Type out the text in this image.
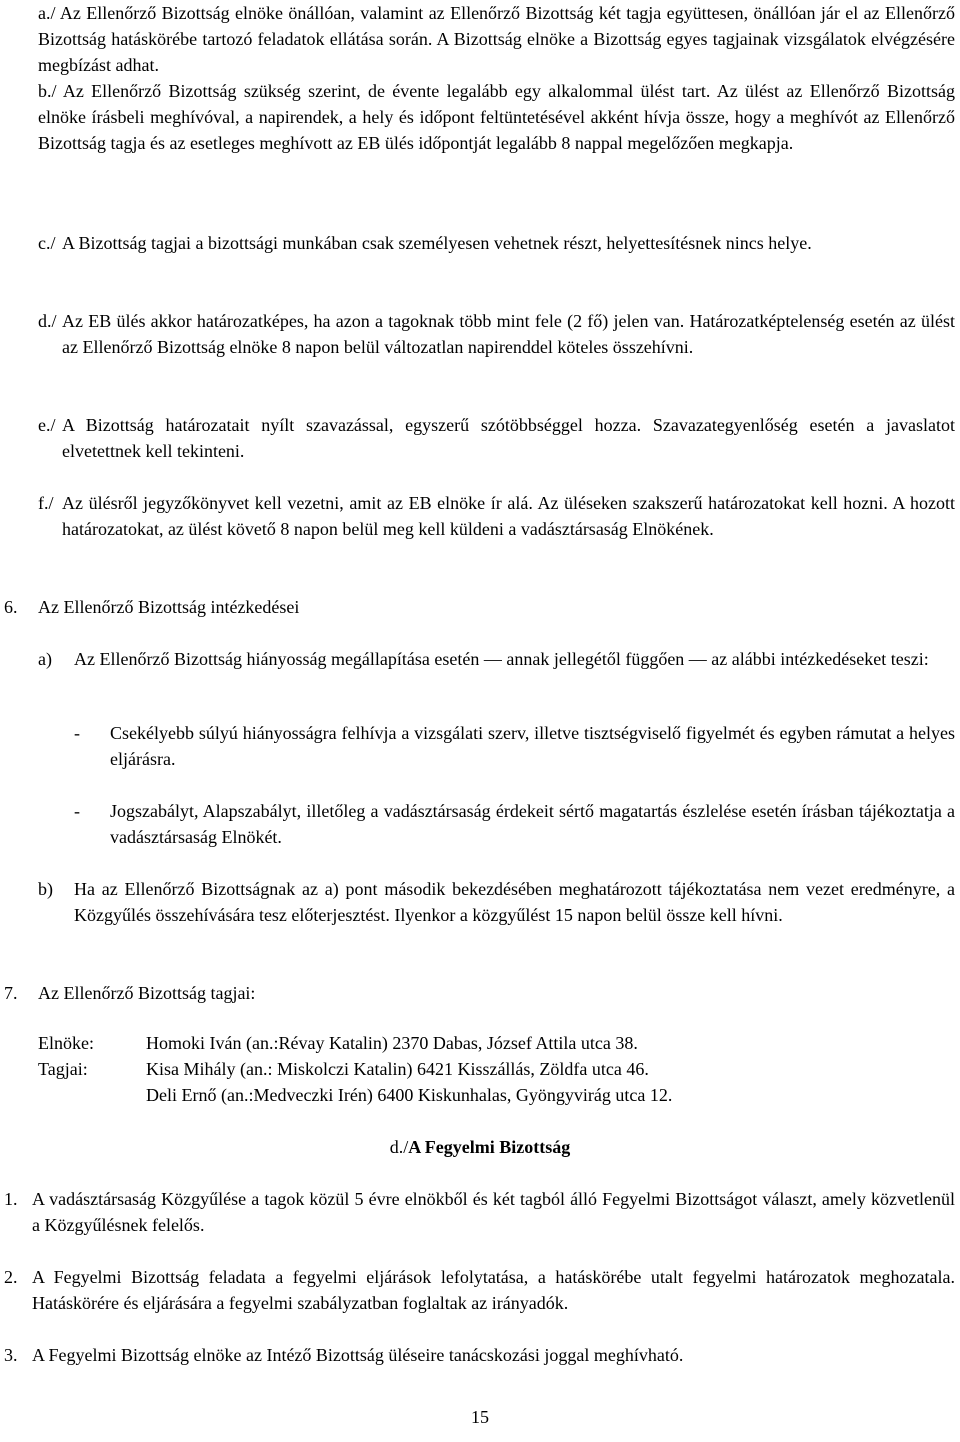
a./ Az Ellenőrző Bizottság elnöke önállóan, valamint az Ellenőrző Bizottság két tagja együttesen, önállóan jár el az Ellenőrző Bizottság hatáskörébe tartozó feladatok ellátása során. A Bizottság elnöke a Bizottság egyes tagjainak vizsgálatok elvégzésére megbízást adhat.
b./ Az Ellenőrző Bizottság szükség szerint, de évente legalább egy alkalommal ülést tart. Az ülést az Ellenőrző Bizottság elnöke írásbeli meghívóval, a napirendek, a hely és időpont feltüntetésével akként hívja össze, hogy a meghívót az Ellenőrző Bizottság tagja és az esetleges meghívott az EB ülés időpontját legalább 8 nappal megelőzően megkapja.
c./ A Bizottság tagjai a bizottsági munkában csak személyesen vehetnek részt, helyettesítésnek nincs helye.
d./ Az EB ülés akkor határozatképes, ha azon a tagoknak több mint fele (2 fő) jelen van. Határozatképtelenség esetén az ülést az Ellenőrző Bizottság elnöke 8 napon belül változatlan napirenddel köteles összehívni.
e./ A Bizottság határozatait nyílt szavazással, egyszerű szótöbbséggel hozza. Szavazategyenlőség esetén a javaslatot elvetettnek kell tekinteni.
f./ Az ülésről jegyzőkönyvet kell vezetni, amit az EB elnöke ír alá. Az üléseken szakszerű határozatokat kell hozni. A hozott határozatokat, az ülést követő 8 napon belül meg kell küldeni a vadásztársaság Elnökének.
6. Az Ellenőrző Bizottság intézkedései
a) Az Ellenőrző Bizottság hiányosság megállapítása esetén — annak jellegétől függően — az alábbi intézkedéseket teszi:
- Csekélyebb súlyú hiányosságra felhívja a vizsgálati szerv, illetve tisztségviselő figyelmét és egyben rámutat a helyes eljárásra.
- Jogszabályt, Alapszabályt, illetőleg a vadásztársaság érdekeit sértő magatartás észlelése esetén írásban tájékoztatja a vadásztársaság Elnökét.
b) Ha az Ellenőrző Bizottságnak az a) pont második bekezdésében meghatározott tájékoztatása nem vezet eredményre, a Közgyűlés összehívására tesz előterjesztést. Ilyenkor a közgyűlést 15 napon belül össze kell hívni.
7. Az Ellenőrző Bizottság tagjai:
Elnöke:	Homoki Iván (an.:Révay Katalin) 2370 Dabas, József Attila utca 38.
Tagjai:	Kisa Mihály (an.: Miskolczi Katalin) 6421 Kisszállás, Zöldfa utca 46.
Deli Ernő (an.:Medveczki Irén) 6400 Kiskunhalas, Gyöngyvirág utca 12.
d./A Fegyelmi Bizottság
1. A vadásztársaság Közgyűlése a tagok közül 5 évre elnökből és két tagból álló Fegyelmi Bizottságot választ, amely közvetlenül a Közgyűlésnek felelős.
2. A Fegyelmi Bizottság feladata a fegyelmi eljárások lefolytatása, a hatáskörébe utalt fegyelmi határozatok meghozatala. Hatáskörére és eljárására a fegyelmi szabályzatban foglaltak az irányadók.
3. A Fegyelmi Bizottság elnöke az Intéző Bizottság üléseire tanácskozási joggal meghívható.
15
